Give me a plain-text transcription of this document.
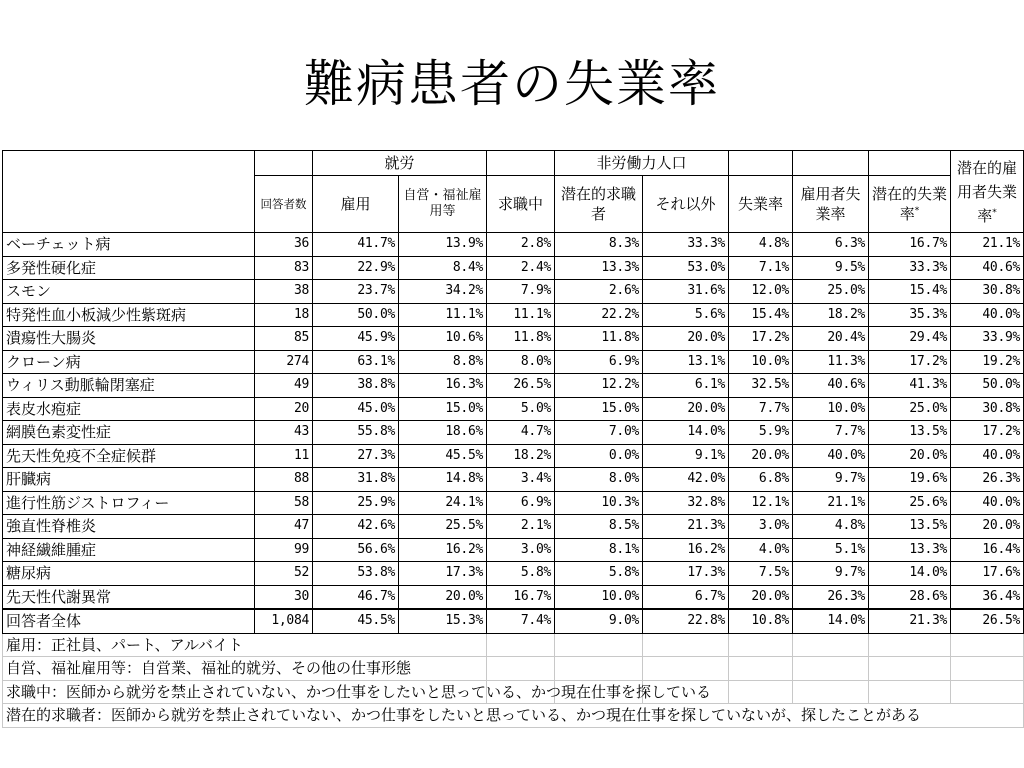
難病患者の失業率
		就労			非労働力人口					潜在的雇用者失業率*
	回答者数	雇用	自営・福祉雇用等	求職中	潜在的求職者	それ以外	失業率	雇用者失業率	潜在的失業率*
ベーチェット病	36	41.7%	13.9%	2.8%	8.3%	33.3%	4.8%	6.3%	16.7%	21.1%
多発性硬化症	83	22.9%	8.4%	2.4%	13.3%	53.0%	7.1%	9.5%	33.3%	40.6%
スモン	38	23.7%	34.2%	7.9%	2.6%	31.6%	12.0%	25.0%	15.4%	30.8%
特発性血小板減少性紫斑病	18	50.0%	11.1%	11.1%	22.2%	5.6%	15.4%	18.2%	35.3%	40.0%
潰瘍性大腸炎	85	45.9%	10.6%	11.8%	11.8%	20.0%	17.2%	20.4%	29.4%	33.9%
クローン病	274	63.1%	8.8%	8.0%	6.9%	13.1%	10.0%	11.3%	17.2%	19.2%
ウィリス動脈輪閉塞症	49	38.8%	16.3%	26.5%	12.2%	6.1%	32.5%	40.6%	41.3%	50.0%
表皮水疱症	20	45.0%	15.0%	5.0%	15.0%	20.0%	7.7%	10.0%	25.0%	30.8%
網膜色素変性症	43	55.8%	18.6%	4.7%	7.0%	14.0%	5.9%	7.7%	13.5%	17.2%
先天性免疫不全症候群	11	27.3%	45.5%	18.2%	0.0%	9.1%	20.0%	40.0%	20.0%	40.0%
肝臓病	88	31.8%	14.8%	3.4%	8.0%	42.0%	6.8%	9.7%	19.6%	26.3%
進行性筋ジストロフィー	58	25.9%	24.1%	6.9%	10.3%	32.8%	12.1%	21.1%	25.6%	40.0%
強直性脊椎炎	47	42.6%	25.5%	2.1%	8.5%	21.3%	3.0%	4.8%	13.5%	20.0%
神経繊維腫症	99	56.6%	16.2%	3.0%	8.1%	16.2%	4.0%	5.1%	13.3%	16.4%
糖尿病	52	53.8%	17.3%	5.8%	5.8%	17.3%	7.5%	9.7%	14.0%	17.6%
先天性代謝異常	30	46.7%	20.0%	16.7%	10.0%	6.7%	20.0%	26.3%	28.6%	36.4%
回答者全体	1,084	45.5%	15.3%	7.4%	9.0%	22.8%	10.8%	14.0%	21.3%	26.5%
雇用：正社員、パート、アルバイト										
自営、福祉雇用等：自営業、福祉的就労、その他の仕事形態										
求職中：医師から就労を禁止されていない、かつ仕事をしたいと思っている、かつ現在仕事を探している										
潜在的求職者：医師から就労を禁止されていない、かつ仕事をしたいと思っている、かつ現在仕事を探していないが、探したことがある										
